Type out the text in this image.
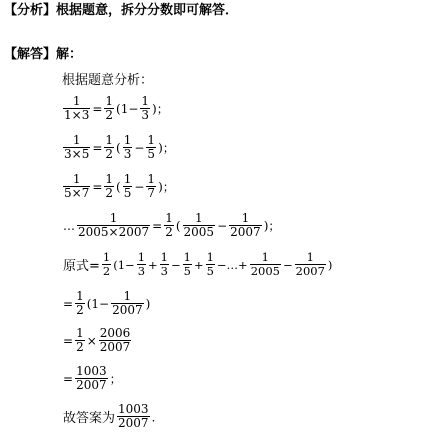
【分析】根据题意，拆分分数即可解答．
【解答】解：
根据题意分析：
$\frac{1}{1\times 3} = \frac{1}{2} (1- \frac{1}{3}$ )；
$\frac{1}{3\times 5} = \frac{1}{2}$ ( $\frac{1}{3} - \frac{1}{5}$ )；
$\frac{1}{5\times 7} = \frac{1}{2}$ ( $\frac{1}{5} - \frac{1}{7}$ )；
… $\frac{1}{2005\times 2007} = \frac{1}{2}$ ( $\frac{1}{2005} - \frac{1}{2007}$ )；
原式= $\frac{1}{2} (1- \frac{1}{3} + \frac{1}{3} - \frac{1}{5} + \frac{1}{5}$ −…+ $\frac{1}{2005} - \frac{1}{2007}$ )
= $\frac{1}{2} (1- \frac{1}{2007}$ )
= $\frac{1}{2} \times \frac{2006}{2007}$
= $\frac{1003}{2007}$ ；
故答案为 $\frac{1003}{2007}$ ．
